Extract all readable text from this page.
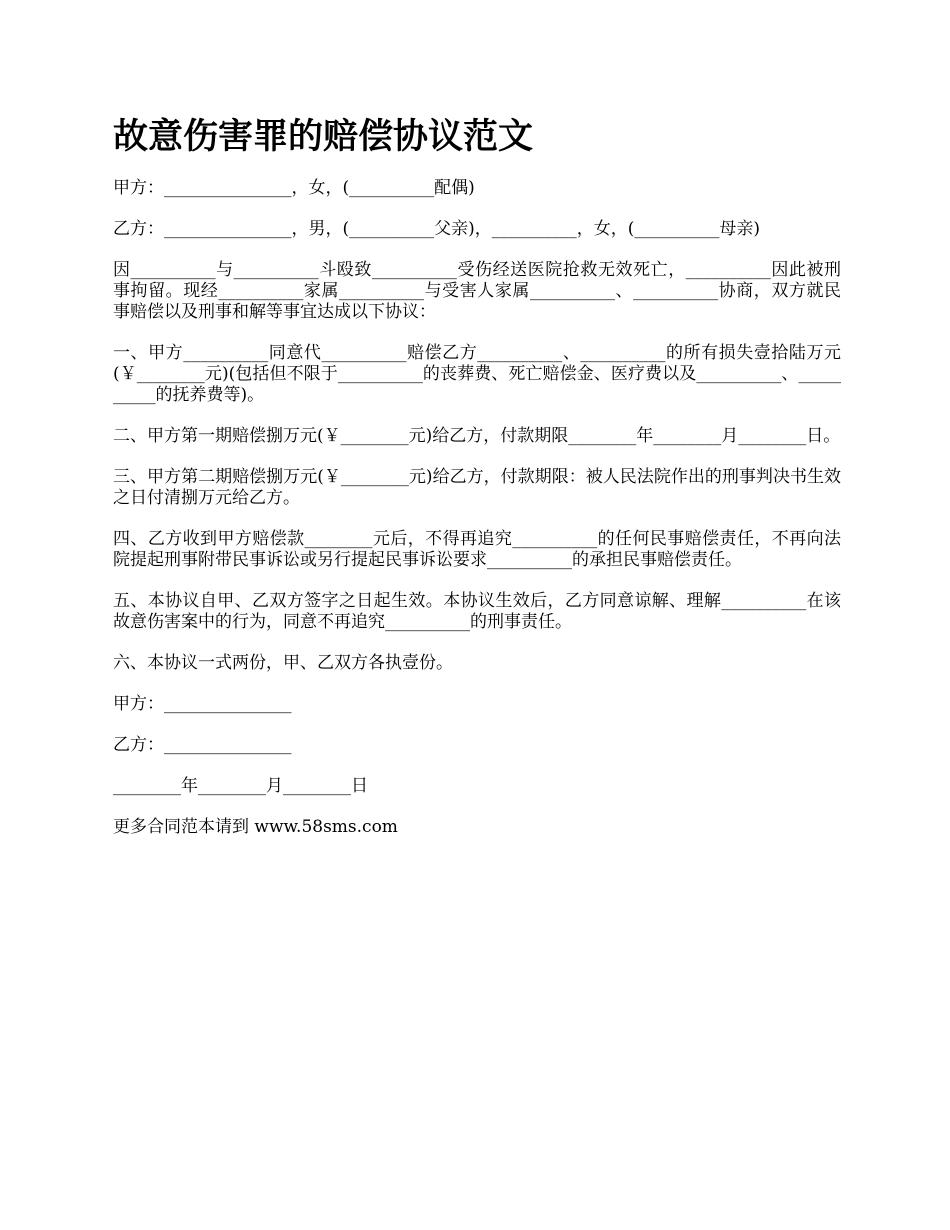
故意伤害罪的赔偿协议范文

甲方：_______________，女，(__________配偶)

乙方：_______________，男，(__________父亲)，__________，女，(__________母亲)

因__________与__________斗殴致__________受伤经送医院抢救无效死亡，__________因此被刑事拘留。现经__________家属__________与受害人家属__________、__________协商，双方就民事赔偿以及刑事和解等事宜达成以下协议：

一、甲方__________同意代__________赔偿乙方__________、__________的所有损失壹拾陆万元(￥________元)(包括但不限于__________的丧葬费、死亡赔偿金、医疗费以及__________、__________的抚养费等)。

二、甲方第一期赔偿捌万元(￥________元)给乙方，付款期限________年________月________日。

三、甲方第二期赔偿捌万元(￥________元)给乙方，付款期限：被人民法院作出的刑事判决书生效之日付清捌万元给乙方。

四、乙方收到甲方赔偿款________元后，不得再追究__________的任何民事赔偿责任，不再向法院提起刑事附带民事诉讼或另行提起民事诉讼要求__________的承担民事赔偿责任。

五、本协议自甲、乙双方签字之日起生效。本协议生效后，乙方同意谅解、理解__________在该故意伤害案中的行为，同意不再追究__________的刑事责任。

六、本协议一式两份，甲、乙双方各执壹份。

甲方：_______________

乙方：_______________

________年________月________日

更多合同范本请到 www.58sms.com
